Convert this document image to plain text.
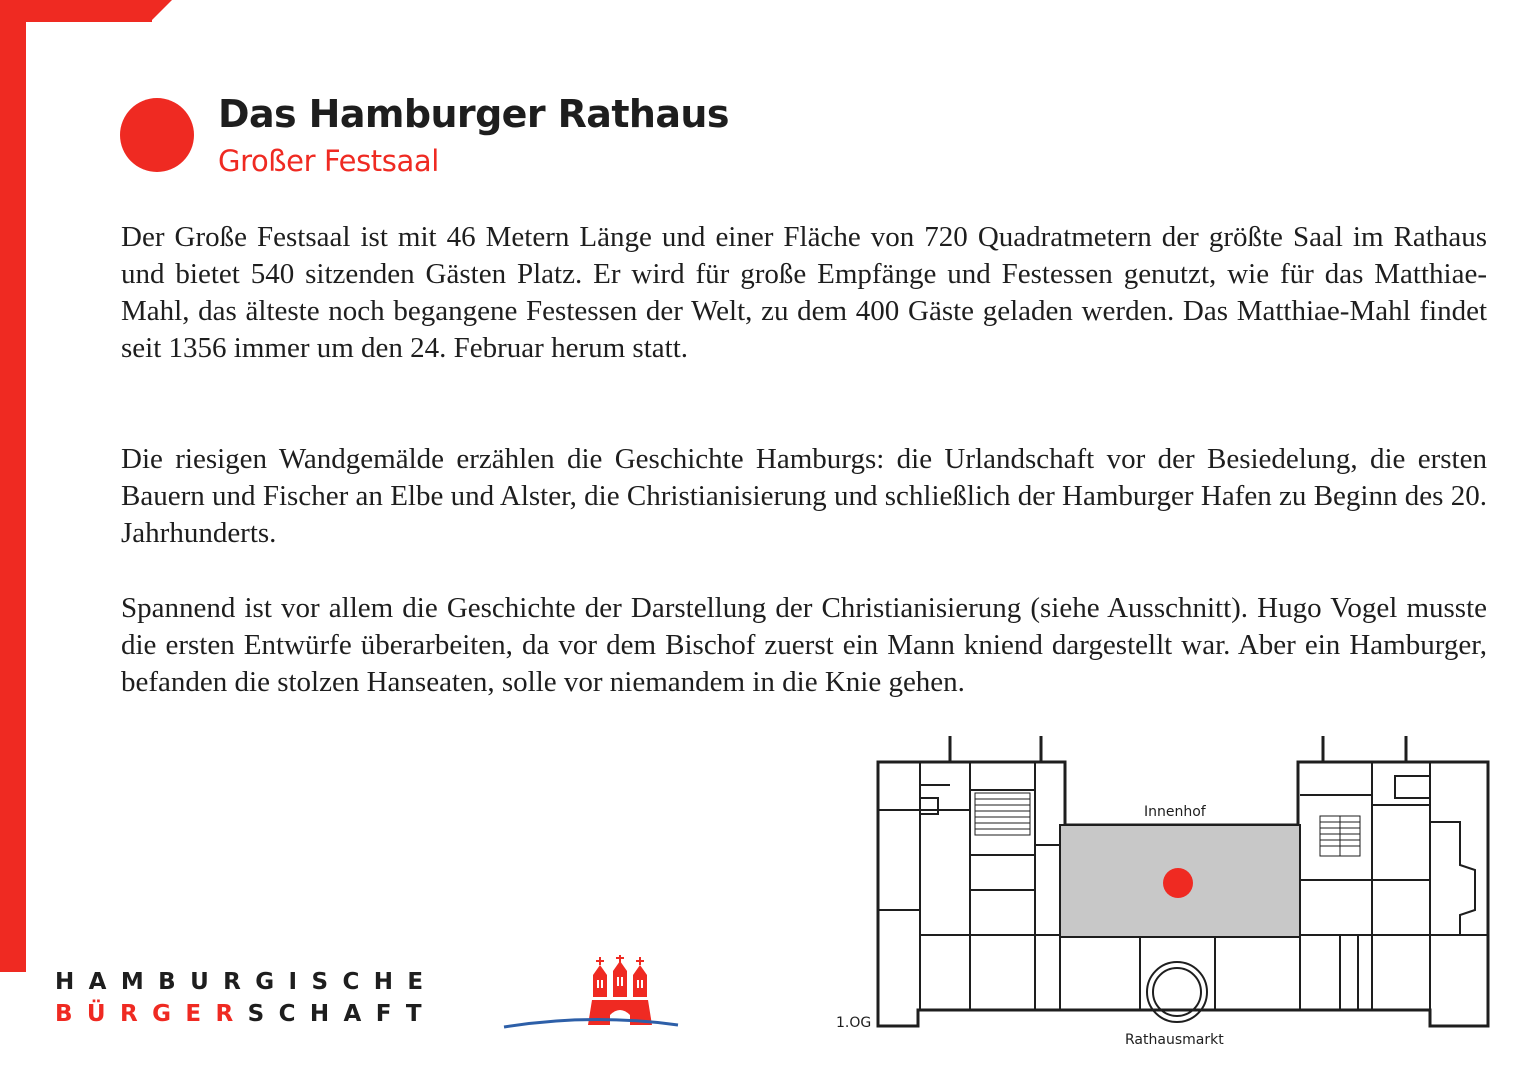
Das Hamburger Rathaus
Großer Festsaal

Der Große Festsaal ist mit 46 Metern Länge und einer Fläche von 720 Quadratmetern der größte Saal im Rathaus und bietet 540 sitzenden Gästen Platz. Er wird für große Empfänge und Festessen genutzt, wie für das Matthiae-Mahl, das älteste noch begangene Festessen der Welt, zu dem 400 Gäste geladen werden. Das Matthiae-Mahl findet seit 1356 immer um den 24. Februar herum statt.

Die riesigen Wandgemälde erzählen die Geschichte Hamburgs: die Urlandschaft vor der Besiedelung, die ersten Bauern und Fischer an Elbe und Alster, die Christianisierung und schließlich der Hamburger Hafen zu Beginn des 20. Jahrhunderts.

Spannend ist vor allem die Geschichte der Darstellung der Christianisierung (siehe Ausschnitt). Hugo Vogel musste die ersten Entwürfe überarbeiten, da vor dem Bischof zuerst ein Mann kniend dargestellt war. Aber ein Hamburger, befanden die stolzen Hanseaten, solle vor niemandem in die Knie gehen.

HAMBURGISCHE
BÜRGERSCHAFT
Innenhof
1.OG
Rathausmarkt
